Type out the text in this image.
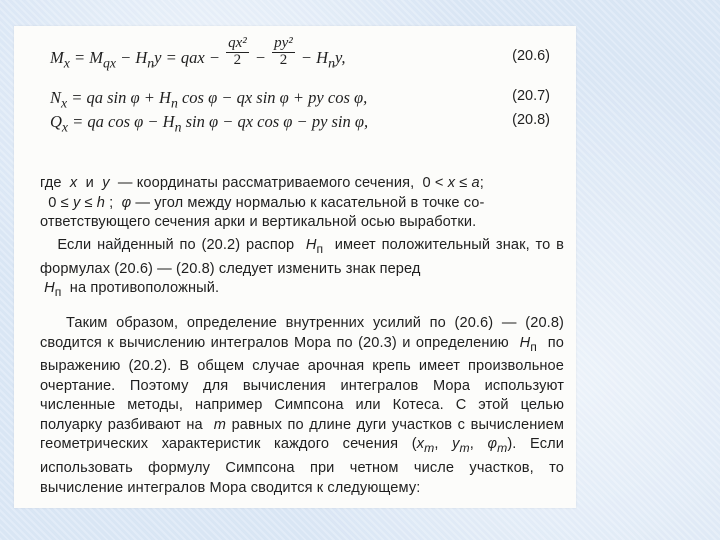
$M_x = M_{qx} - H_пy$ = qax − $\frac{\text{qx²}}{2} - \frac{\text{py²}}{2} - H_пy$,	(20.6)
$N_x$ = qa $\sin \varphi + H_п$ cos φ − qx sin φ + py cos φ,	(20.7)
$Q_x$ = qa $\cos \varphi - H_п$ sin φ − qx cos φ − py sin φ,	(20.8)
где  x  и  y  — координаты рассматриваемого сечения,  0 < x ≤ a;
0 ≤ y ≤ h ;  φ — угол между нормалью к касательной в точке со-
ответствующего сечения арки и вертикальной осью выработки.
Если найденный по (20.2) распор  $H_п$  имеет положительный знак, то в формулах (20.6) — (20.8) следует изменить знак перед
$H_п$  на противоположный.
Таким образом, определение внутренних усилий по (20.6) — (20.8) сводится к вычислению интегралов Мора по (20.3) и определению  $H_п$  по выражению (20.2). В общем случае арочная крепь имеет произвольное очертание. Поэтому для вычисления интегралов Мора используют численные методы, например Симпсона или Котеса. С этой целью полуарку разбивают на  m равных по длине дуги участков с вычислением геометрических характеристик каждого сечения ($x_m$, $y_m$, $\varphi_m$). Если использовать формулу Симпсона при четном числе участков, то вычисление интегралов Мора сводится к следующему:
